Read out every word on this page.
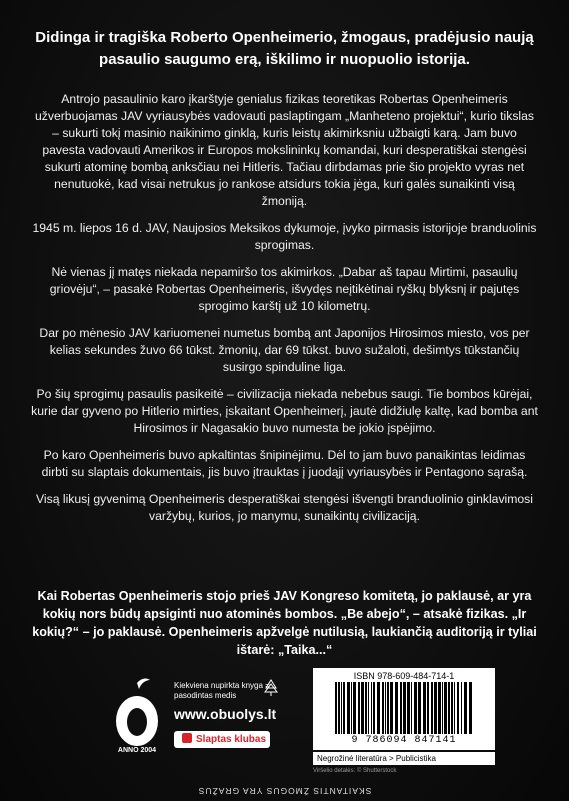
Didinga ir tragiška Roberto Openheimerio, žmogaus, pradėjusio naują pasaulio saugumo erą, iškilimo ir nuopuolio istorija.

Antrojo pasaulinio karo įkarštyje genialus fizikas teoretikas Robertas Openheimeris užverbuojamas JAV vyriausybės vadovauti paslaptingam „Manheteno projektui“, kurio tikslas – sukurti tokį masinio naikinimo ginklą, kuris leistų akimirksniu užbaigti karą. Jam buvo pavesta vadovauti Amerikos ir Europos mokslininkų komandai, kuri desperatiškai stengėsi sukurti atominę bombą anksčiau nei Hitleris. Tačiau dirbdamas prie šio projekto vyras net nenutuokė, kad visai netrukus jo rankose atsidurs tokia jėga, kuri galės sunaikinti visą žmoniją.

1945 m. liepos 16 d. JAV, Naujosios Meksikos dykumoje, įvyko pirmasis istorijoje branduolinis sprogimas.

Nė vienas jį matęs niekada nepamiršo tos akimirkos. „Dabar aš tapau Mirtimi, pasaulių griovėju“, – pasakė Robertas Openheimeris, išvydęs neįtikėtinai ryškų blyksnį ir pajutęs sprogimo karštį už 10 kilometrų.

Dar po mėnesio JAV kariuomenei numetus bombą ant Japonijos Hirosimos miesto, vos per kelias sekundes žuvo 66 tūkst. žmonių, dar 69 tūkst. buvo sužaloti, dešimtys tūkstančių susirgo spinduline liga.

Po šių sprogimų pasaulis pasikeitė – civilizacija niekada nebebus saugi. Tie bombos kūrėjai, kurie dar gyveno po Hitlerio mirties, įskaitant Openheimerį, jautė didžiulę kaltę, kad bomba ant Hirosimos ir Nagasakio buvo numesta be jokio įspėjimo.

Po karo Openheimeris buvo apkaltintas šnipinėjimu. Dėl to jam buvo panaikintas leidimas dirbti su slaptais dokumentais, jis buvo įtrauktas į juodąjį vyriausybės ir Pentagono sąrašą.

Visą likusį gyvenimą Openheimeris desperatiškai stengėsi išvengti branduolinio ginklavimosi varžybų, kurios, jo manymu, sunaikintų civilizaciją.

Kai Robertas Openheimeris stojo prieš JAV Kongreso komitetą, jo paklausė, ar yra kokių nors būdų apsiginti nuo atominės bombos. „Be abejo“, – atsakė fizikas. „Ir kokių?“ – jo paklausė. Openheimeris apžvelgė nutilusią, laukiančią auditoriją ir tyliai ištarė: „Taika...“
ANNO 2004
Kiekviena nupirkta knyga = pasodintas medis
www.obuolys.lt
Slaptas klubas
ISBN 978-609-484-714-1
9 786094 847141
Negrožinė literatūra > Publicistika
Viršelio detalės: © Shutterstock
SKAITANTIS ŽMOGUS YRA GRAŽUS
